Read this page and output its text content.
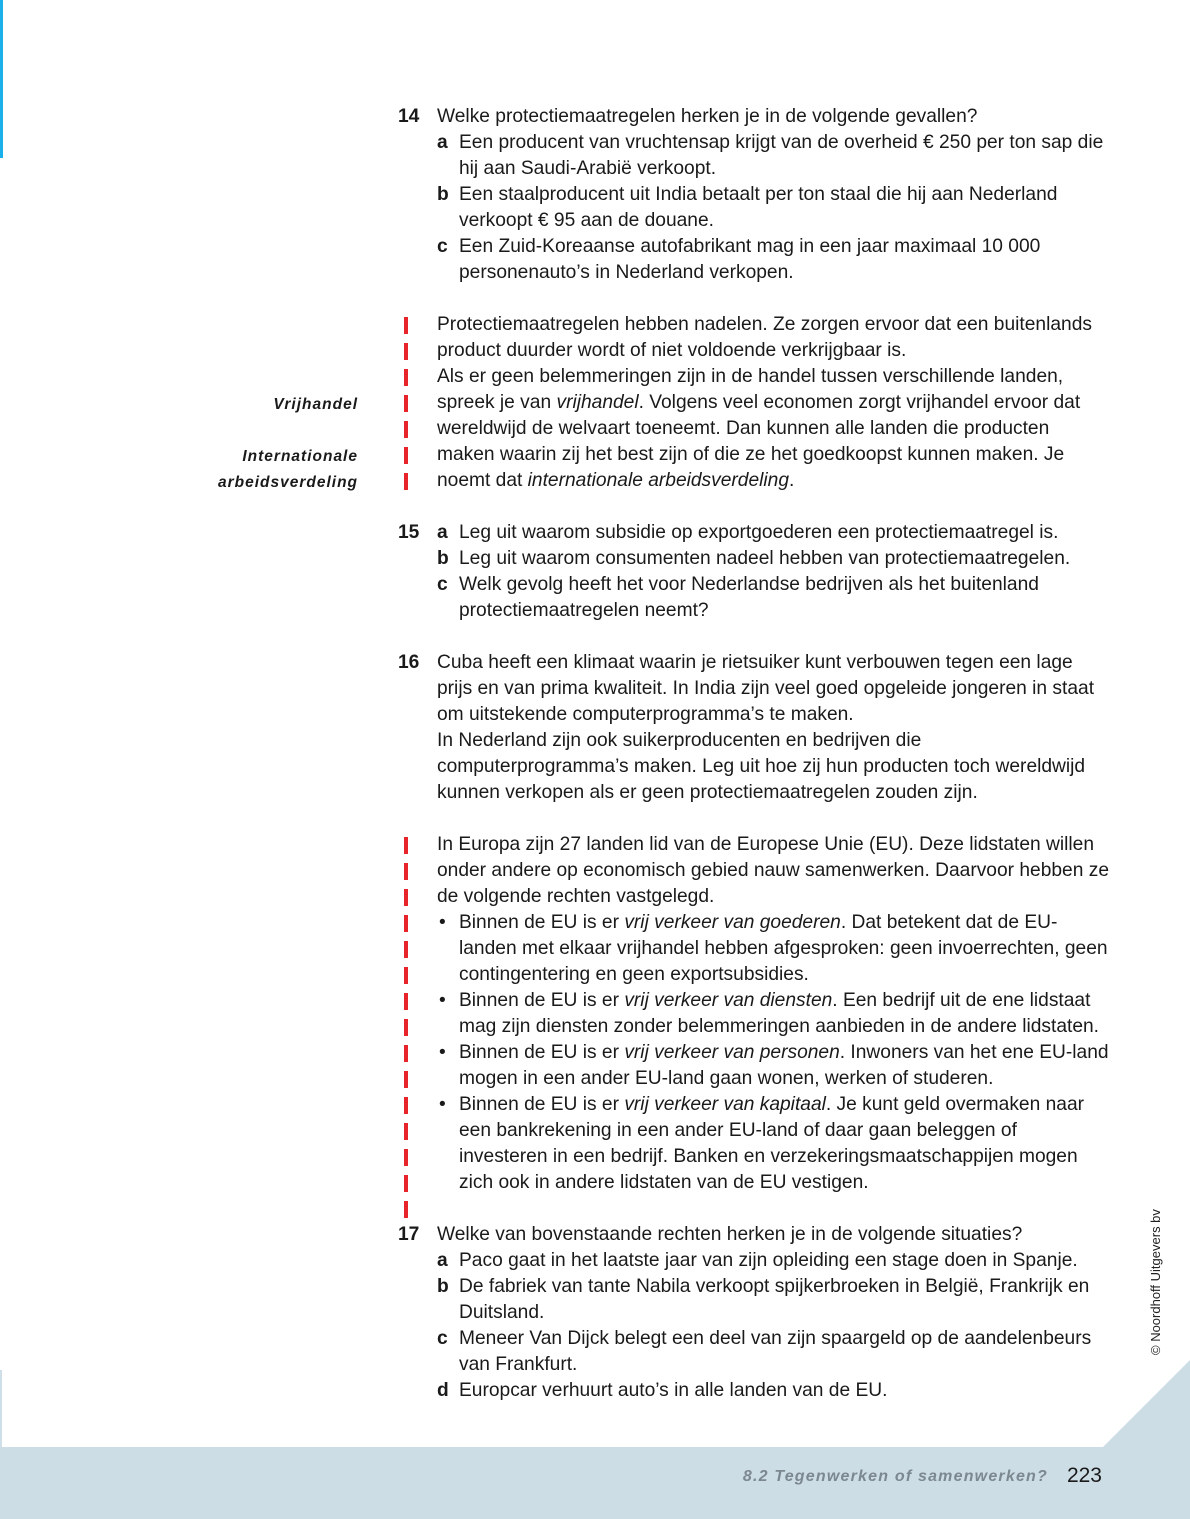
8.2 Tegenwerken of samenwerken? 223
© Noordhoff Uitgevers bv
Vrijhandel
Internationale
arbeidsverdeling
14 Welke protectiemaatregelen herken je in de volgende gevallen?
a Een producent van vruchtensap krijgt van de overheid € 250 per ton sap die hij aan Saudi-Arabië verkoopt.
b Een staalproducent uit India betaalt per ton staal die hij aan Nederland verkoopt € 95 aan de douane.
c Een Zuid-Koreaanse autofabrikant mag in een jaar maximaal 10 000 personenauto’s in Nederland verkopen.

Protectiemaatregelen hebben nadelen. Ze zorgen ervoor dat een buitenlands product duurder wordt of niet voldoende verkrijgbaar is.

Als er geen belemmeringen zijn in de handel tussen verschillende landen, spreek je van vrijhandel. Volgens veel economen zorgt vrijhandel ervoor dat wereldwijd de welvaart toeneemt. Dan kunnen alle landen die producten maken waarin zij het best zijn of die ze het goedkoopst kunnen maken. Je noemt dat internationale arbeidsverdeling.

15 a Leg uit waarom subsidie op exportgoederen een protectiemaatregel is.
b Leg uit waarom consumenten nadeel hebben van protectiemaatregelen.
c Welk gevolg heeft het voor Nederlandse bedrijven als het buitenland protectiemaatregelen neemt?
16 Cuba heeft een klimaat waarin je rietsuiker kunt verbouwen tegen een lage prijs en van prima kwaliteit. In India zijn veel goed opgeleide jongeren in staat om uitstekende computerprogramma’s te maken.
In Nederland zijn ook suikerproducenten en bedrijven die computerprogramma’s maken. Leg uit hoe zij hun producten toch wereldwijd kunnen verkopen als er geen protectiemaatregelen zouden zijn.

In Europa zijn 27 landen lid van de Europese Unie (EU). Deze lidstaten willen onder andere op economisch gebied nauw samenwerken. Daarvoor hebben ze de volgende rechten vastgelegd.

• Binnen de EU is er vrij verkeer van goederen. Dat betekent dat de EU-landen met elkaar vrijhandel hebben afgesproken: geen invoerrechten, geen contingentering en geen exportsubsidies.
• Binnen de EU is er vrij verkeer van diensten. Een bedrijf uit de ene lidstaat mag zijn diensten zonder belemmeringen aanbieden in de andere lidstaten.
• Binnen de EU is er vrij verkeer van personen. Inwoners van het ene EU-land mogen in een ander EU-land gaan wonen, werken of studeren.
• Binnen de EU is er vrij verkeer van kapitaal. Je kunt geld overmaken naar een bankrekening in een ander EU-land of daar gaan beleggen of investeren in een bedrijf. Banken en verzekeringsmaatschappijen mogen zich ook in andere lidstaten van de EU vestigen.
17 Welke van bovenstaande rechten herken je in de volgende situaties?
a Paco gaat in het laatste jaar van zijn opleiding een stage doen in Spanje.
b De fabriek van tante Nabila verkoopt spijkerbroeken in België, Frankrijk en Duitsland.
c Meneer Van Dijck belegt een deel van zijn spaargeld op de aandelenbeurs van Frankfurt.
d Europcar verhuurt auto’s in alle landen van de EU.
